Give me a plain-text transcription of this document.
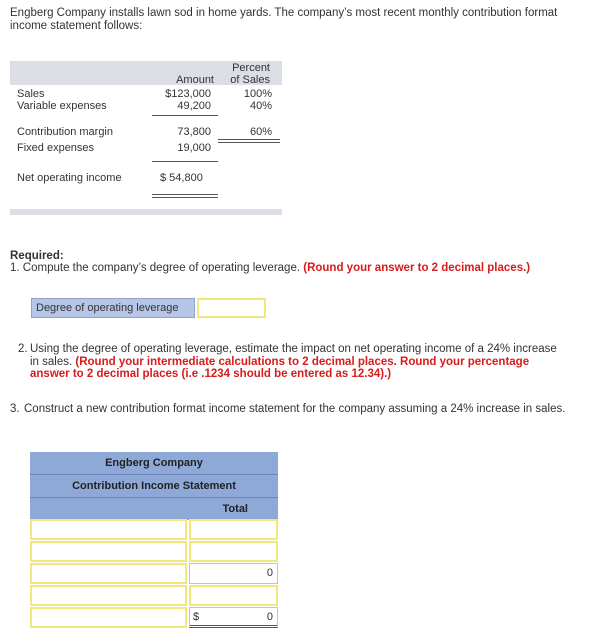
Engberg Company installs lawn sod in home yards. The company’s most recent monthly contribution format income statement follows:
Percent
Amount	of Sales
Sales	$123,000	100%
Variable expenses	49,200	40%
Contribution margin	73,800	60%
Fixed expenses	19,000
Net operating income	$ 54,800
Required:
1. Compute the company’s degree of operating leverage. (Round your answer to 2 decimal places.)
Degree of operating leverage
2. Using the degree of operating leverage, estimate the impact on net operating income of a 24% increase in sales. (Round your intermediate calculations to 2 decimal places. Round your percentage answer to 2 decimal places (i.e .1234 should be entered as 12.34).)
3. Construct a new contribution format income statement for the company assuming a 24% increase in sales.
Engberg Company
Contribution Income Statement
Total
0
$	0
